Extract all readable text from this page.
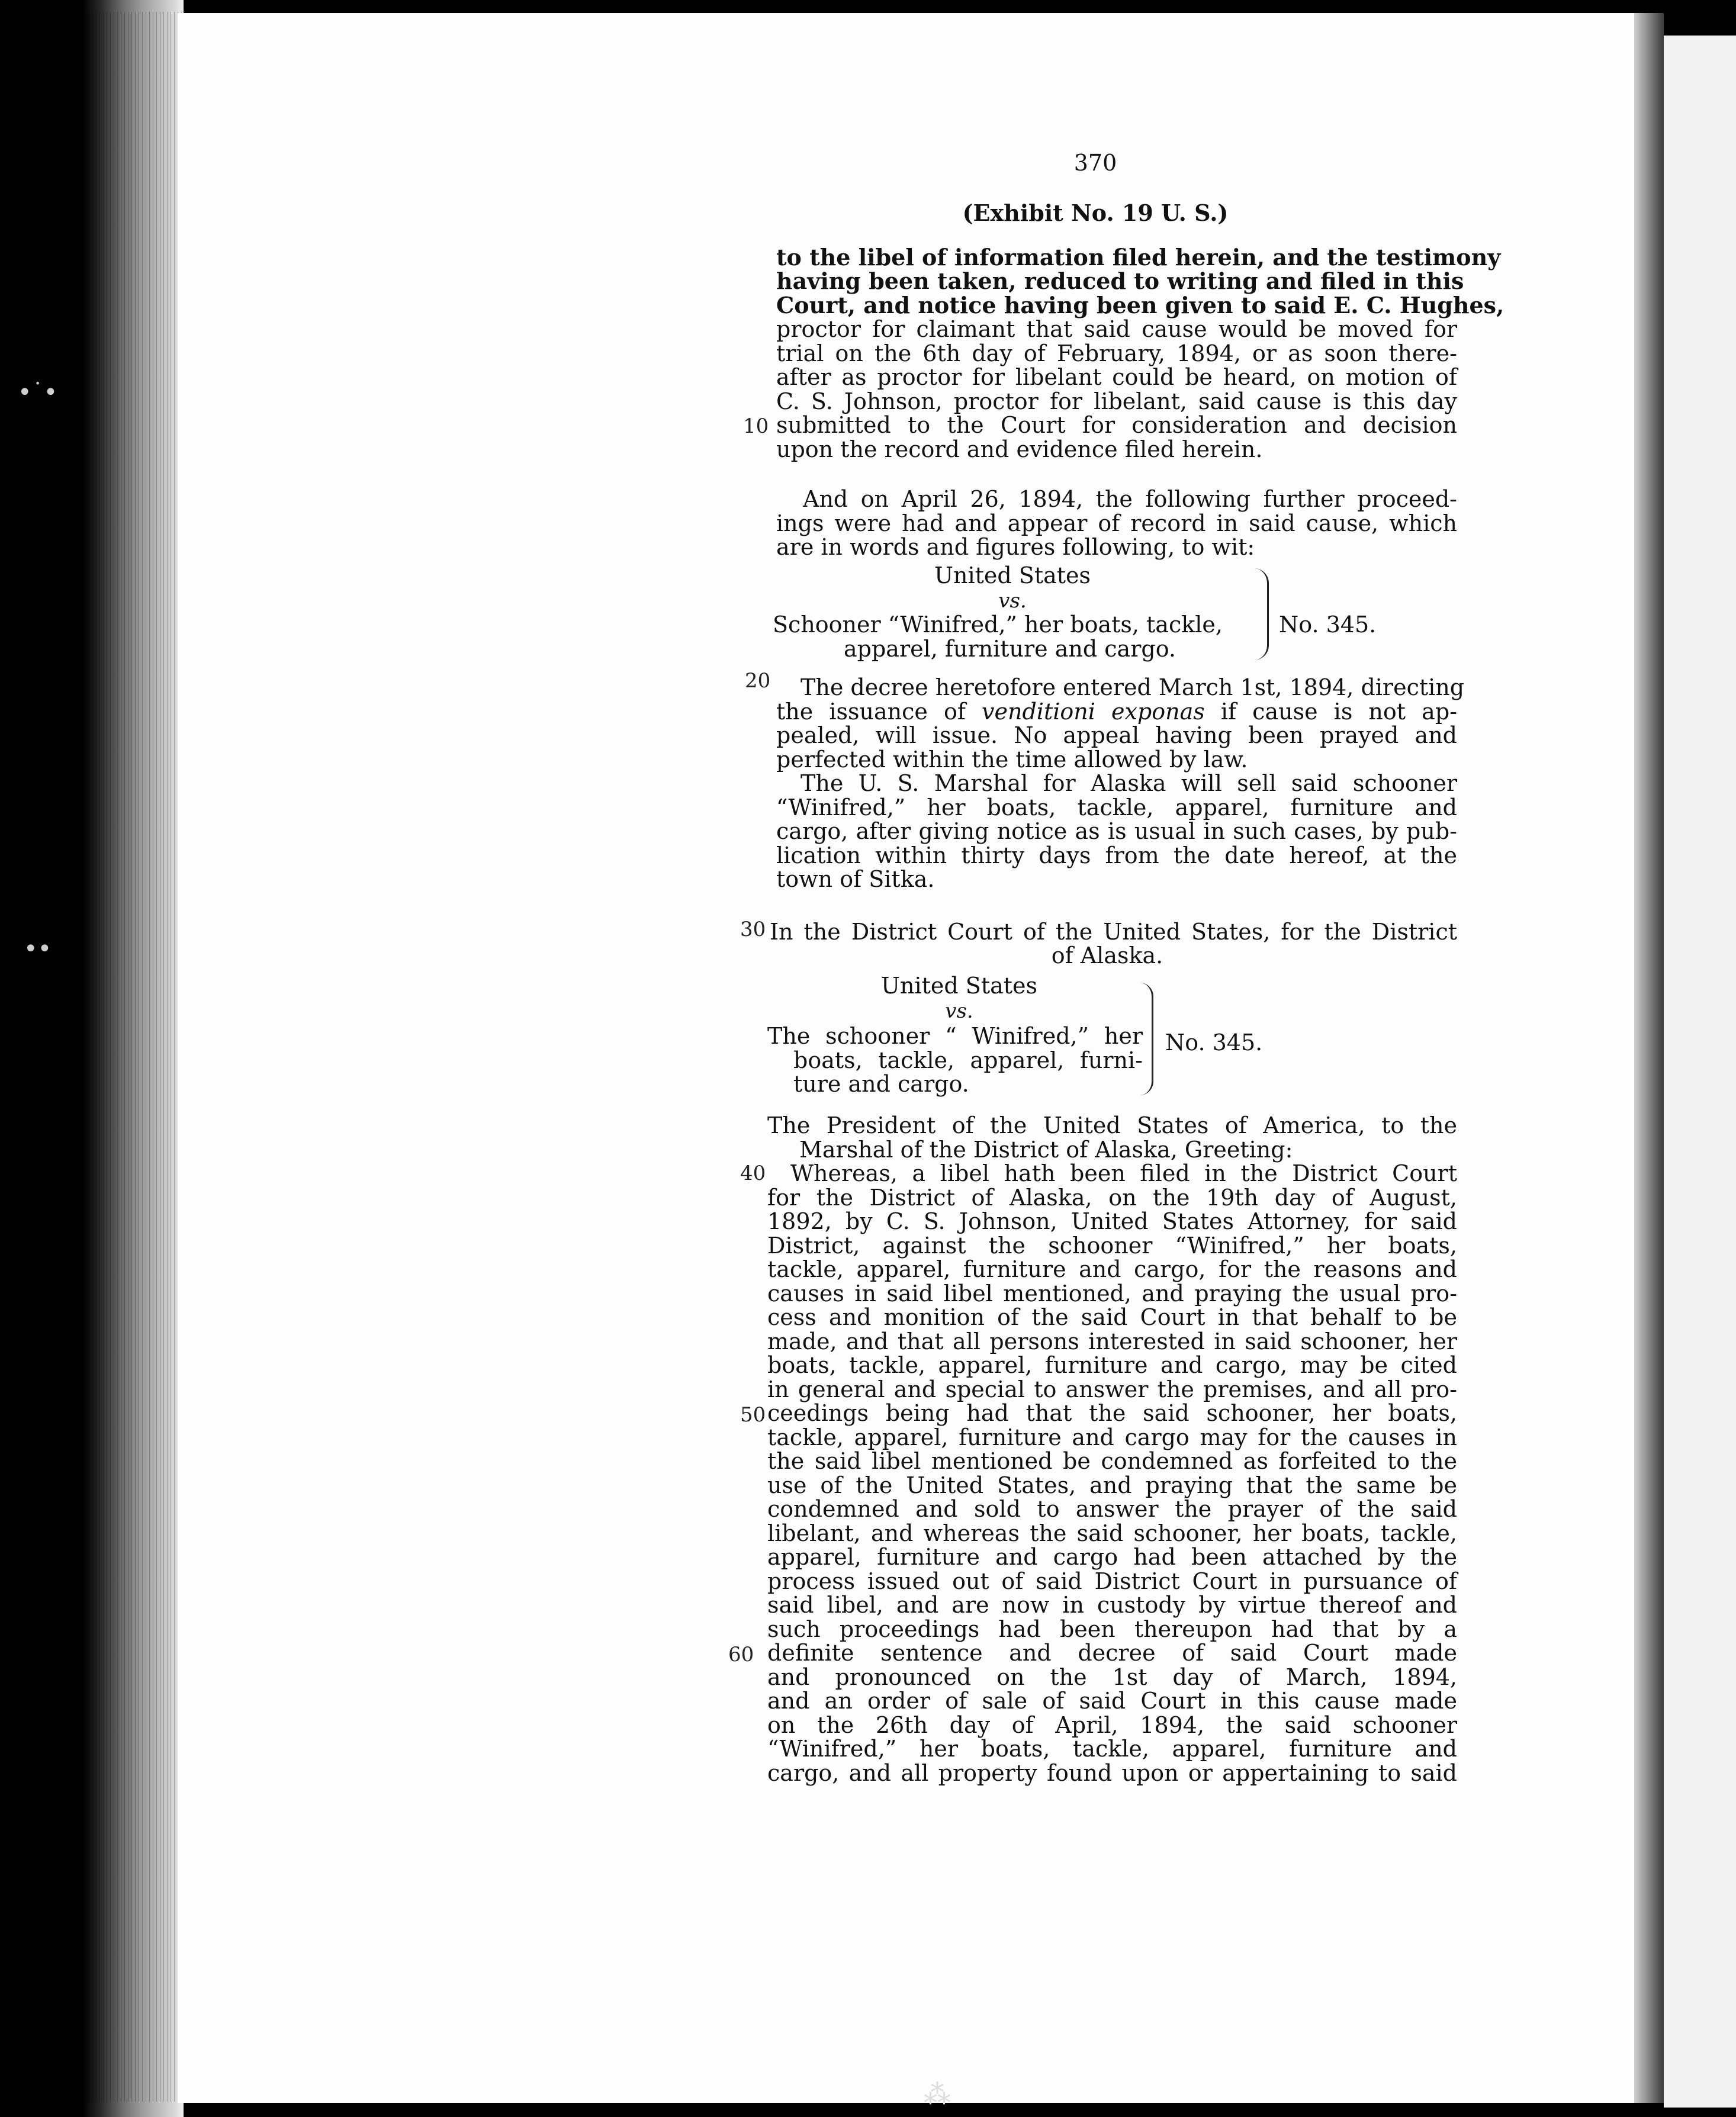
•˙•
••
⁂

370

(Exhibit No. 19 U. S.)

to the libel of information filed herein, and the testimony

having been taken, reduced to writing and filed in this

Court, and notice having been given to said E. C. Hughes,

proctor for claimant that said cause would be moved for

trial on the 6th day of February, 1894, or as soon there-

after as proctor for libelant could be heard, on motion of

C. S. Johnson, proctor for libelant, said cause is this day

submitted to the Court for consideration and decision

upon the record and evidence filed herein.

And on April 26, 1894, the following further proceed-

ings were had and appear of record in said cause, which

are in words and figures following, to wit:

United States

vs.

Schooner “Winifred,” her boats, tackle,

apparel, furniture and cargo.

No. 345.

The decree heretofore entered March 1st, 1894, directing

the issuance of venditioni exponas if cause is not ap-

pealed, will issue. No appeal having been prayed and

perfected within the time allowed by law.

The U. S. Marshal for Alaska will sell said schooner

“Winifred,” her boats, tackle, apparel, furniture and

cargo, after giving notice as is usual in such cases, by pub-

lication within thirty days from the date hereof, at the

town of Sitka.

In the District Court of the United States, for the District

of Alaska.

United States

vs.

The schooner “ Winifred,” her

boats, tackle, apparel, furni-

ture and cargo.

No. 345.

The President of the United States of America, to the

Marshal of the District of Alaska, Greeting:

Whereas, a libel hath been filed in the District Court

for the District of Alaska, on the 19th day of August,

1892, by C. S. Johnson, United States Attorney, for said

District, against the schooner “Winifred,” her boats,

tackle, apparel, furniture and cargo, for the reasons and

causes in said libel mentioned, and praying the usual pro-

cess and monition of the said Court in that behalf to be

made, and that all persons interested in said schooner, her

boats, tackle, apparel, furniture and cargo, may be cited

in general and special to answer the premises, and all pro-

ceedings being had that the said schooner, her boats,

tackle, apparel, furniture and cargo may for the causes in

the said libel mentioned be condemned as forfeited to the

use of the United States, and praying that the same be

condemned and sold to answer the prayer of the said

libelant, and whereas the said schooner, her boats, tackle,

apparel, furniture and cargo had been attached by the

process issued out of said District Court in pursuance of

said libel, and are now in custody by virtue thereof and

such proceedings had been thereupon had that by a

definite sentence and decree of said Court made

and pronounced on the 1st day of March, 1894,

and an order of sale of said Court in this cause made

on the 26th day of April, 1894, the said schooner

“Winifred,” her boats, tackle, apparel, furniture and

cargo, and all property found upon or appertaining to said

10
20
30
40
50
60
